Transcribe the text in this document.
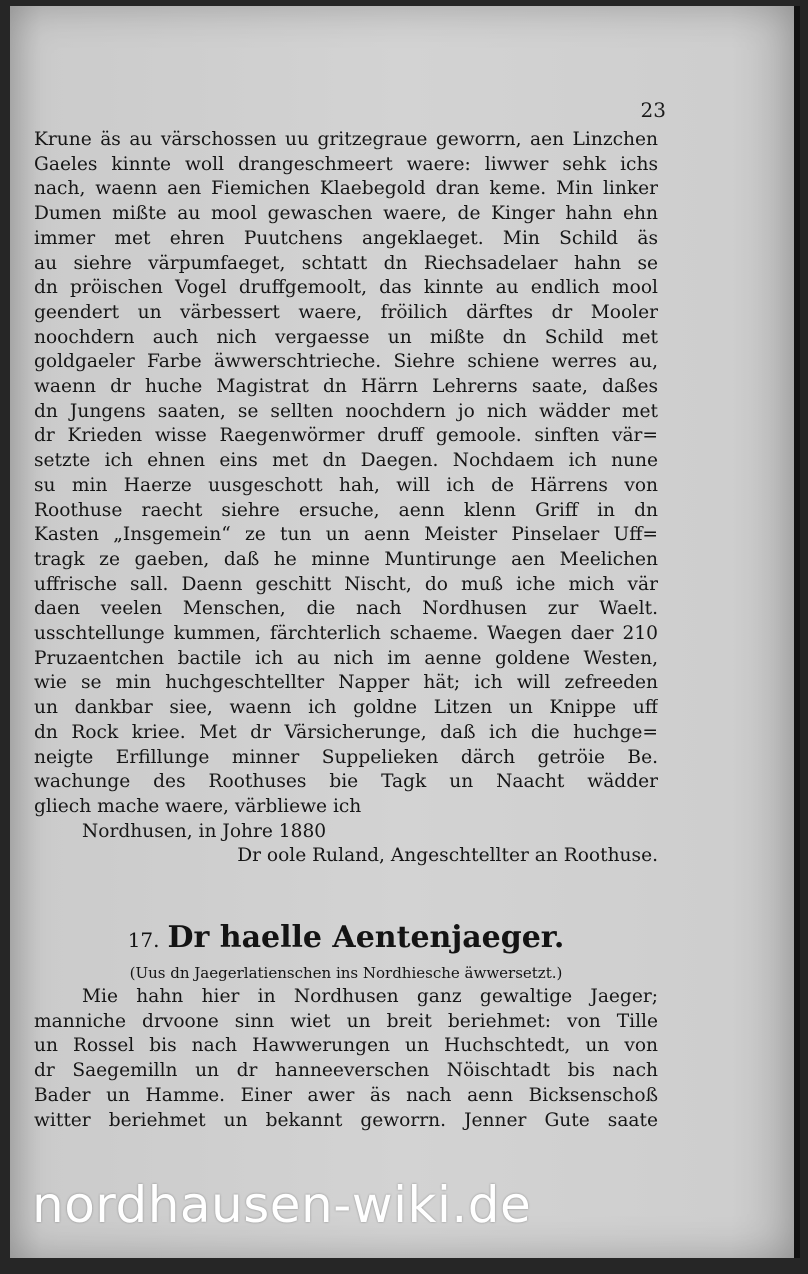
23
Krune äs au värschossen uu gritzegraue geworrn, aen Linzchen
Gaeles kinnte woll drangeschmeert waere: liwwer sehk ichs
nach, waenn aen Fiemichen Klaebegold dran keme. Min linker
Dumen mißte au mool gewaschen waere, de Kinger hahn ehn
immer met ehren Puutchens angeklaeget. Min Schild äs
au siehre värpumfaeget, schtatt dn Riechsadelaer hahn se
dn pröischen Vogel druffgemoolt, das kinnte au endlich mool
geendert un värbessert waere, fröilich därftes dr Mooler
noochdern auch nich vergaesse un mißte dn Schild met
goldgaeler Farbe äwwerschtrieche. Siehre schiene werres au,
waenn dr huche Magistrat dn Härrn Lehrerns saate, daßes
dn Jungens saaten, se sellten noochdern jo nich wädder met
dr Krieden wisse Raegenwörmer druff gemoole. sinften vär=
setzte ich ehnen eins met dn Daegen. Nochdaem ich nune
su min Haerze uusgeschott hah, will ich de Härrens von
Roothuse raecht siehre ersuche, aenn klenn Griff in dn
Kasten „Insgemein“ ze tun un aenn Meister Pinselaer Uff=
tragk ze gaeben, daß he minne Muntirunge aen Meelichen
uffrische sall. Daenn geschitt Nischt, do muß iche mich vär
daen veelen Menschen, die nach Nordhusen zur Waelt.
usschtellunge kummen, färchterlich schaeme. Waegen daer 210
Pruzaentchen bactile ich au nich im aenne goldene Westen,
wie se min huchgeschtellter Napper hät; ich will zefreeden
un dankbar siee, waenn ich goldne Litzen un Knippe uff
dn Rock kriee. Met dr Värsicherunge, daß ich die huchge=
neigte Erfillunge minner Suppelieken därch getröie Be.
wachunge des Roothuses bie Tagk un Naacht wädder
gliech mache waere, värbliewe ich
Nordhusen, in Johre 1880
Dr oole Ruland, Angeschtellter an Roothuse.
17. Dr haelle Aentenjaeger.
(Uus dn Jaegerlatienschen ins Nordhiesche äwwersetzt.)
Mie hahn hier in Nordhusen ganz gewaltige Jaeger;
manniche drvoone sinn wiet un breit beriehmet: von Tille
un Rossel bis nach Hawwerungen un Huchschtedt, un von
dr Saegemilln un dr hanneeverschen Nöischtadt bis nach
Bader un Hamme. Einer awer äs nach aenn Bicksenschoß
witter beriehmet un bekannt geworrn. Jenner Gute saate
nordhausen-wiki.de
